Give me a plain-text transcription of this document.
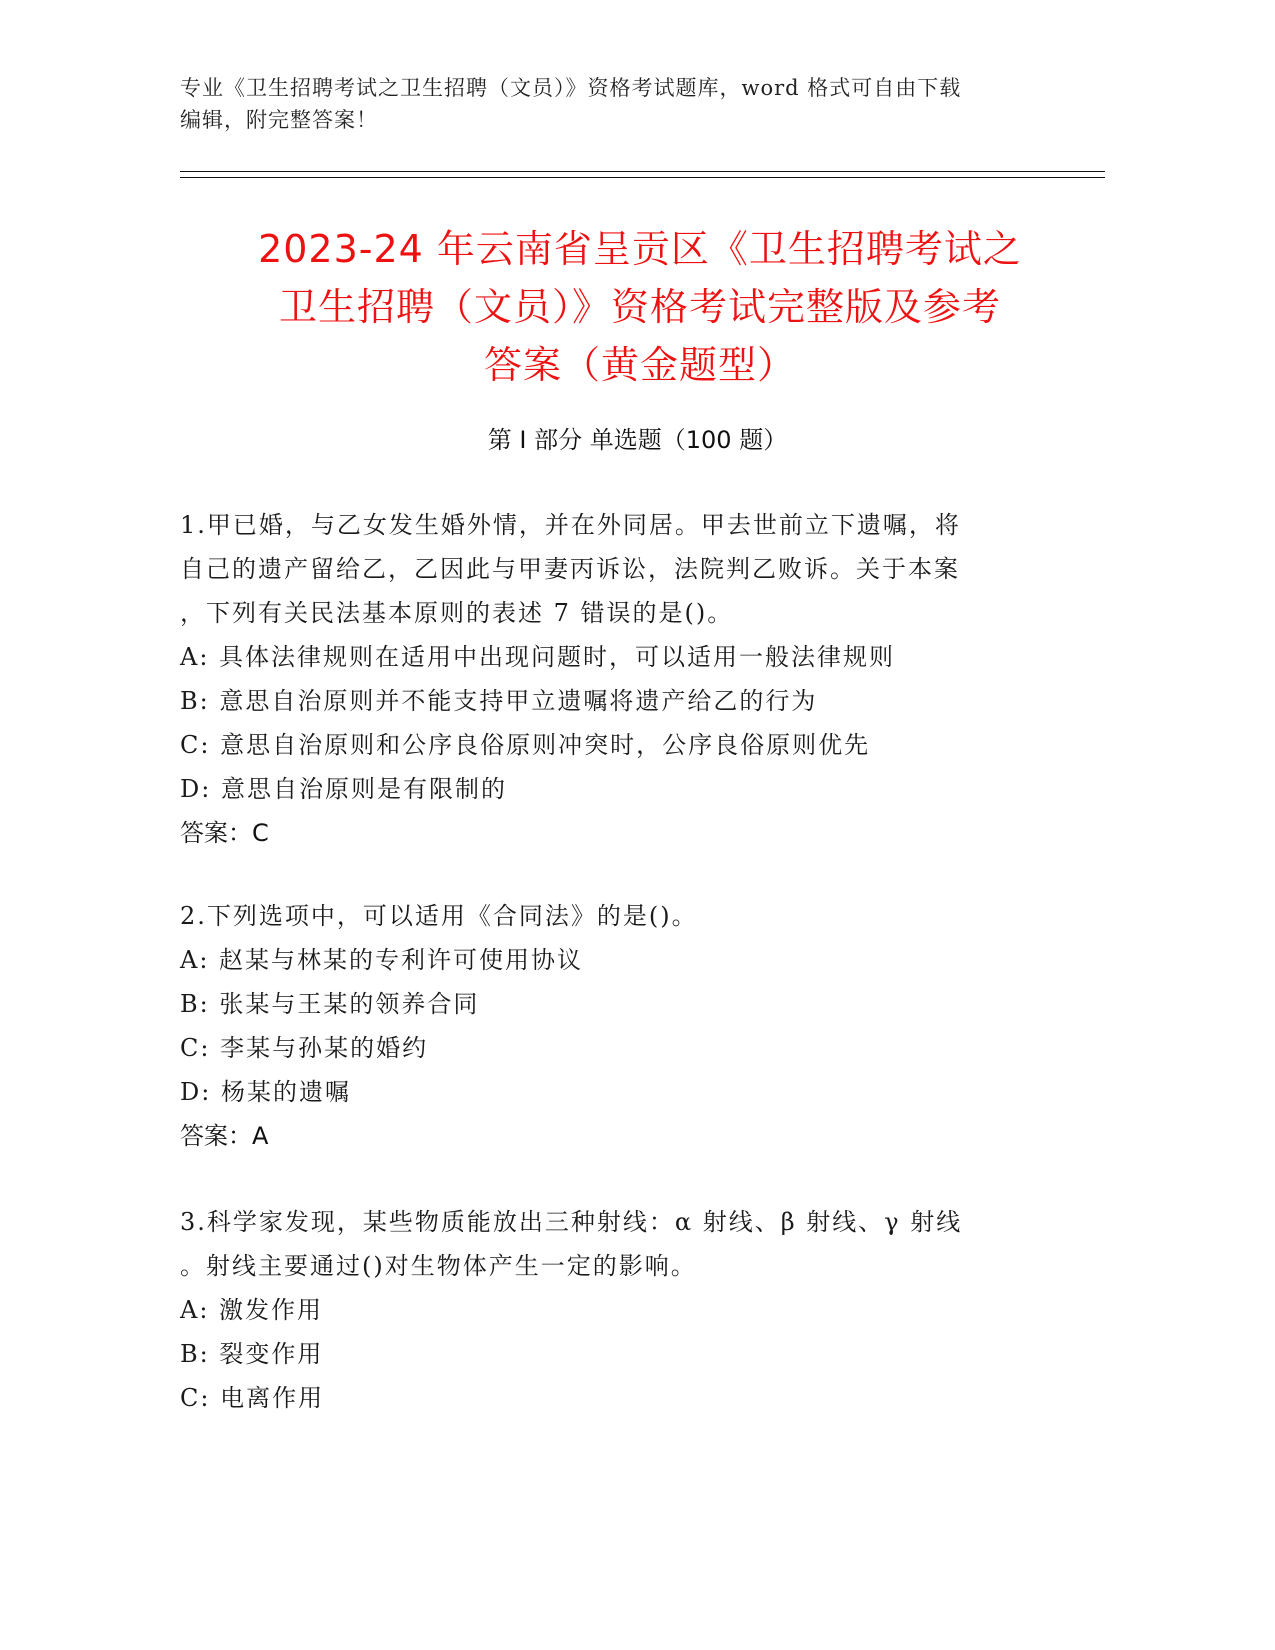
专业《卫生招聘考试之卫生招聘（文员）》资格考试题库，word 格式可自由下载
编辑，附完整答案！
2023-24 年云南省呈贡区《卫生招聘考试之
卫生招聘（文员）》资格考试完整版及参考
答案（黄金题型）
第 I 部分 单选题（100 题）
1.甲已婚，与乙女发生婚外情，并在外同居。甲去世前立下遗嘱，将
自己的遗产留给乙，乙因此与甲妻丙诉讼，法院判乙败诉。关于本案
，下列有关民法基本原则的表述 7 错误的是()。
A: 具体法律规则在适用中出现问题时，可以适用一般法律规则
B: 意思自治原则并不能支持甲立遗嘱将遗产给乙的行为
C: 意思自治原则和公序良俗原则冲突时，公序良俗原则优先
D: 意思自治原则是有限制的
答案：C
2.下列选项中，可以适用《合同法》的是()。
A: 赵某与林某的专利许可使用协议
B: 张某与王某的领养合同
C: 李某与孙某的婚约
D: 杨某的遗嘱
答案：A
3.科学家发现，某些物质能放出三种射线：α 射线、β 射线、γ 射线
。射线主要通过()对生物体产生一定的影响。
A: 激发作用
B: 裂变作用
C: 电离作用
